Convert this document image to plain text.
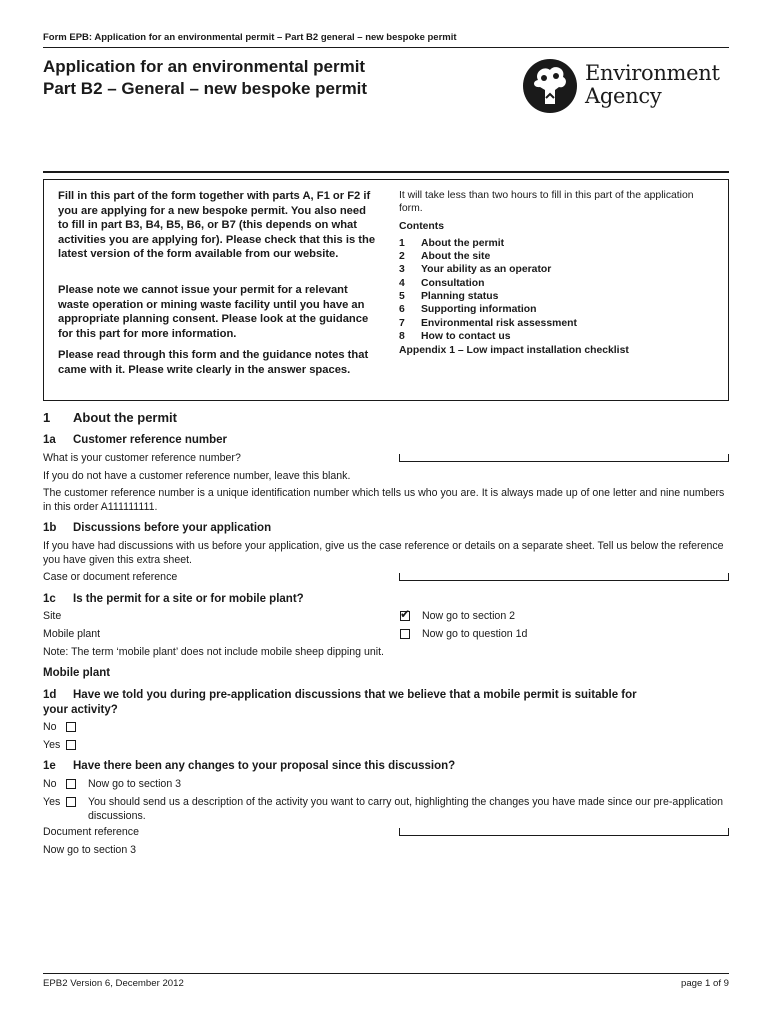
Form EPB: Application for an environmental permit – Part B2 general – new bespoke permit
Application for an environmental permit
Part B2 – General – new bespoke permit
Environment
Agency
Fill in this part of the form together with parts A, F1 or F2 if you are applying for a new bespoke permit. You also need to fill in part B3, B4, B5, B6, or B7 (this depends on what activities you are applying for). Please check that this is the latest version of the form available from our website.
Please note we cannot issue your permit for a relevant waste operation or mining waste facility until you have an appropriate planning consent. Please look at the guidance for this part for more information.
Please read through this form and the guidance notes that came with it. Please write clearly in the answer spaces.
It will take less than two hours to fill in this part of the application form.
Contents
1 About the permit
2 About the site
3 Your ability as an operator
4 Consultation
5 Planning status
6 Supporting information
7 Environmental risk assessment
8 How to contact us
Appendix 1 – Low impact installation checklist
1 About the permit
1a Customer reference number
What is your customer reference number?
If you do not have a customer reference number, leave this blank.
The customer reference number is a unique identification number which tells us who you are. It is always made up of one letter and nine numbers in this order A111111111.
1b Discussions before your application
If you have had discussions with us before your application, give us the case reference or details on a separate sheet. Tell us below the reference you have given this extra sheet.
Case or document reference
1c Is the permit for a site or for mobile plant?
Site	✔ Now go to section 2
Mobile plant	Now go to question 1d
Note: The term ‘mobile plant’ does not include mobile sheep dipping unit.
Mobile plant
1d Have we told you during pre-application discussions that we believe that a mobile permit is suitable for
your activity?
No
Yes
1e Have there been any changes to your proposal since this discussion?
No	Now go to section 3
Yes	You should send us a description of the activity you want to carry out, highlighting the changes you have made since our pre-application discussions.
Document reference
Now go to section 3
EPB2 Version 6, December 2012	page 1 of 9
